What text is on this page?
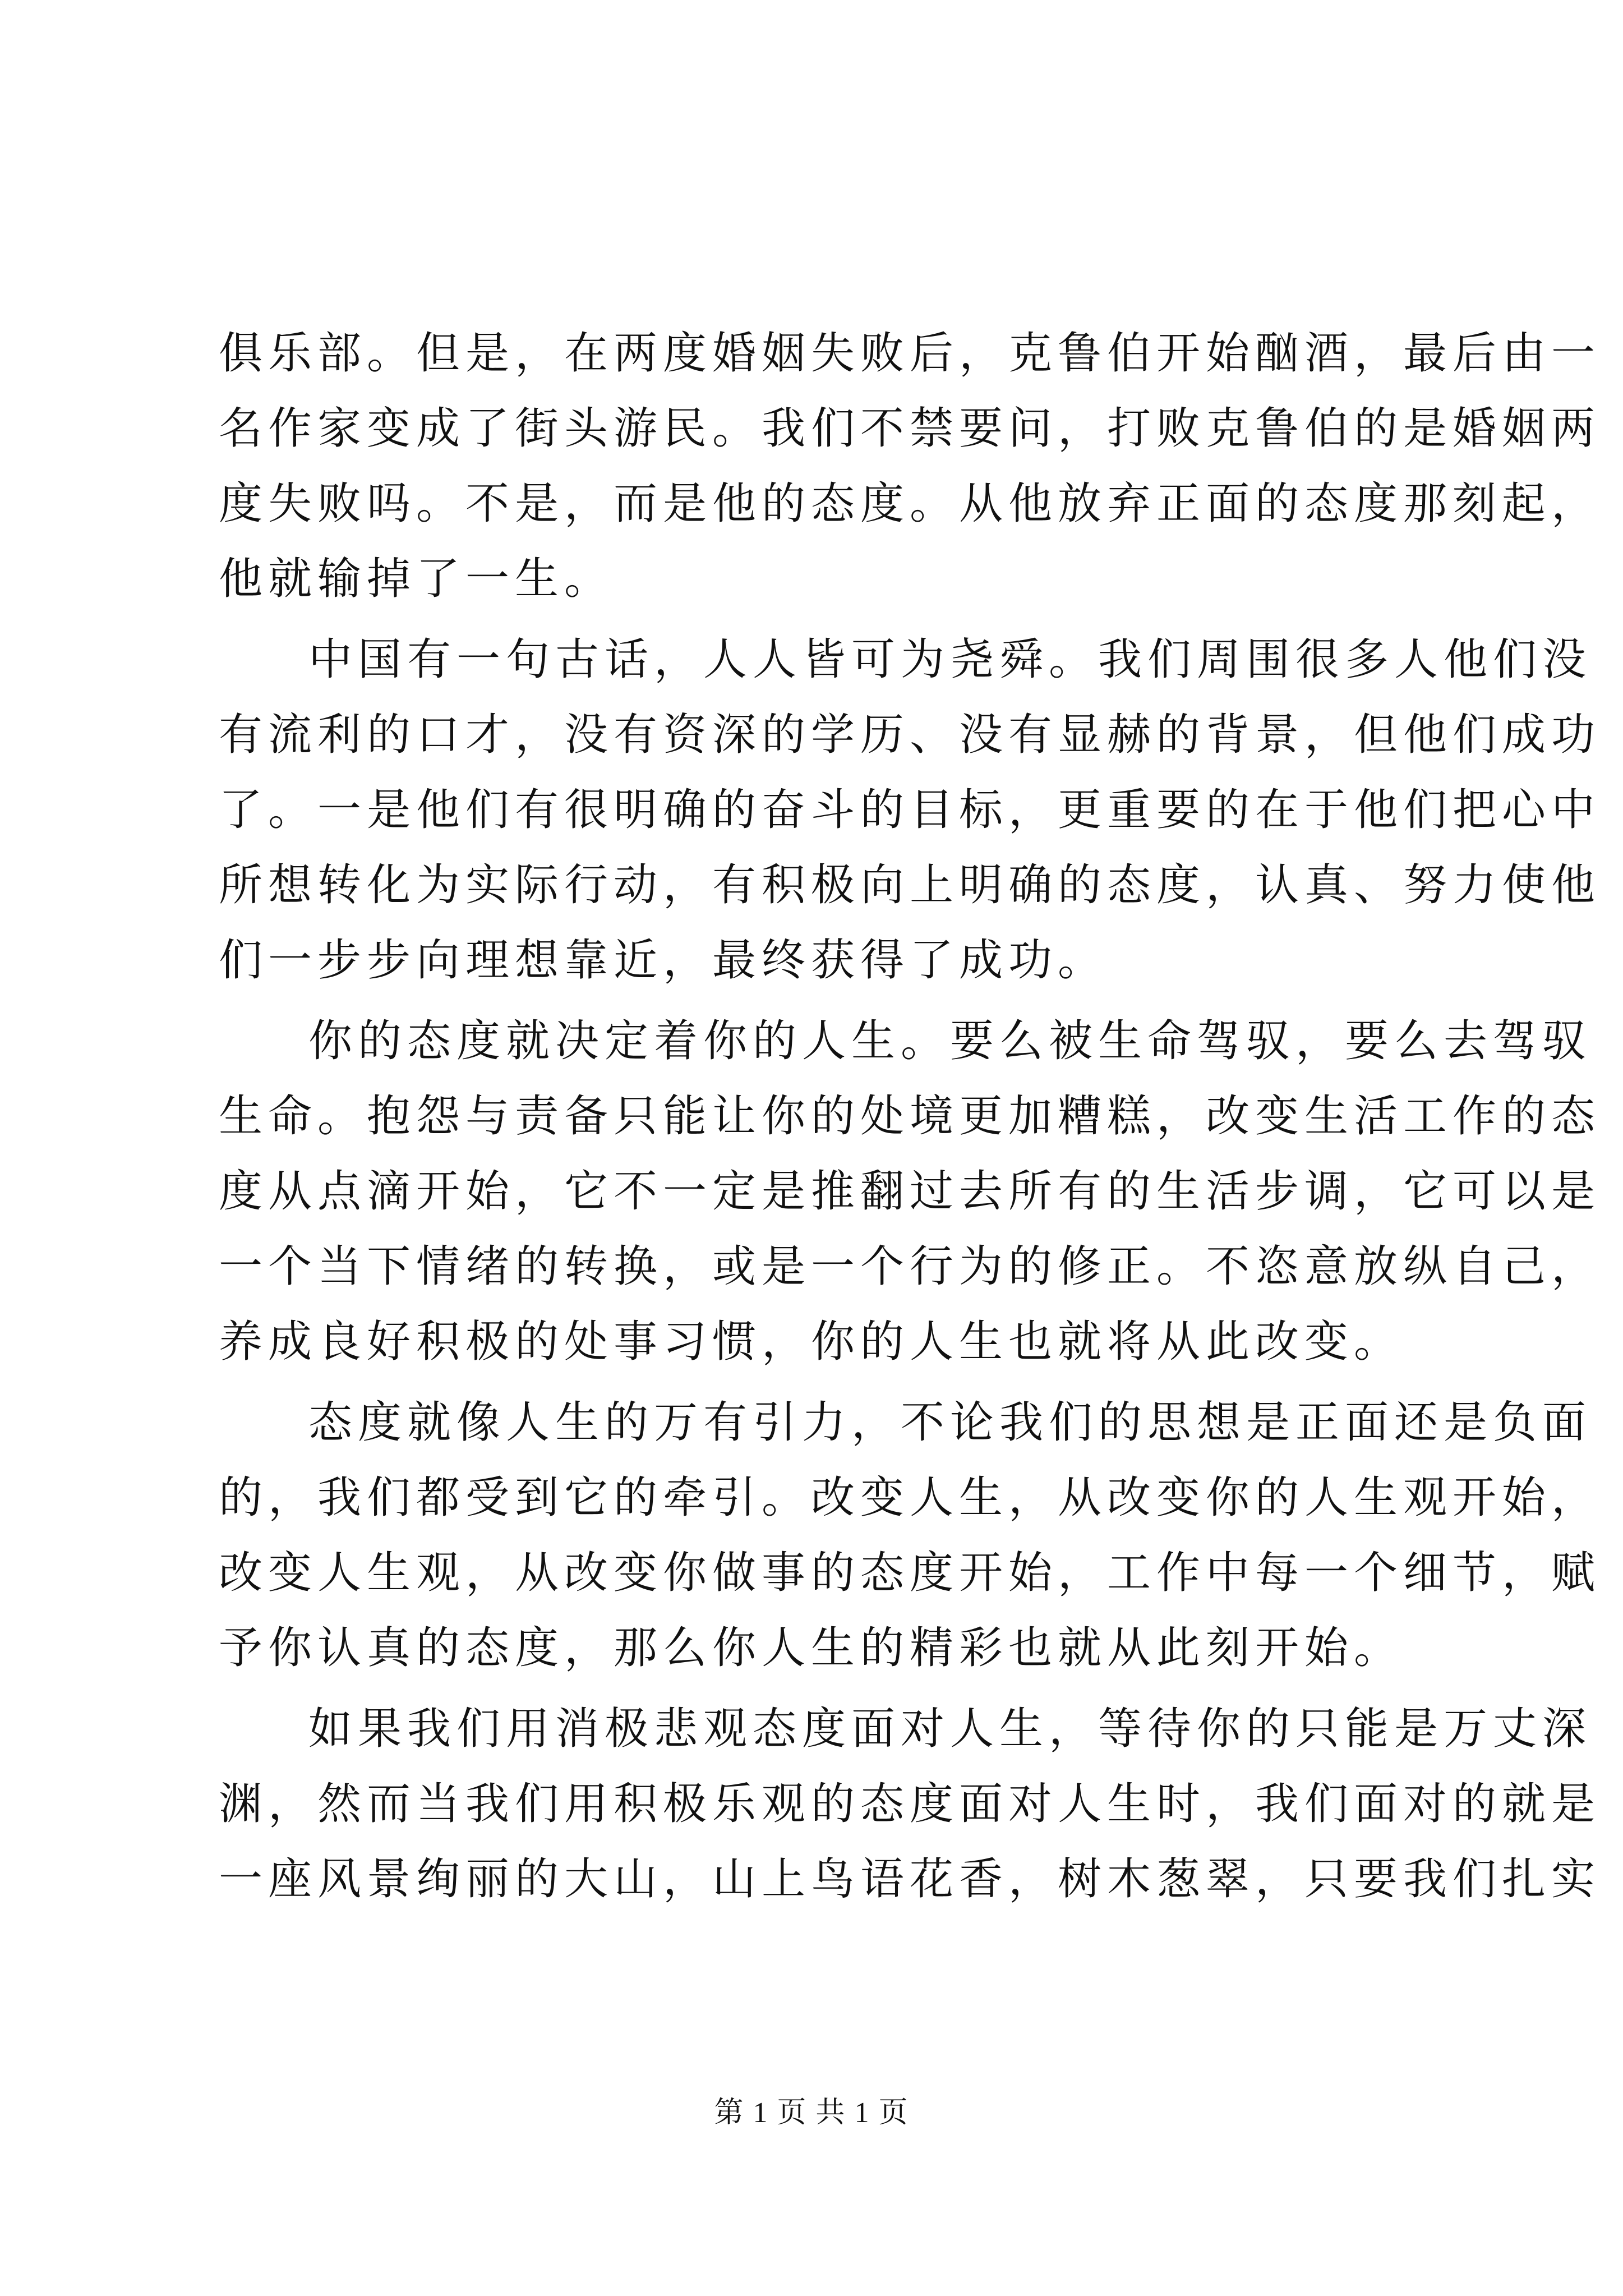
俱乐部。但是，在两度婚姻失败后，克鲁伯开始酗酒，最后由一
名作家变成了街头游民。我们不禁要问，打败克鲁伯的是婚姻两
度失败吗。不是，而是他的态度。从他放弃正面的态度那刻起，
他就输掉了一生。
中国有一句古话，人人皆可为尧舜。我们周围很多人他们没
有流利的口才，没有资深的学历、没有显赫的背景，但他们成功
了。一是他们有很明确的奋斗的目标，更重要的在于他们把心中
所想转化为实际行动，有积极向上明确的态度，认真、努力使他
们一步步向理想靠近，最终获得了成功。
你的态度就决定着你的人生。要么被生命驾驭，要么去驾驭
生命。抱怨与责备只能让你的处境更加糟糕，改变生活工作的态
度从点滴开始，它不一定是推翻过去所有的生活步调，它可以是
一个当下情绪的转换，或是一个行为的修正。不恣意放纵自己，
养成良好积极的处事习惯，你的人生也就将从此改变。
态度就像人生的万有引力，不论我们的思想是正面还是负面
的，我们都受到它的牵引。改变人生，从改变你的人生观开始，
改变人生观，从改变你做事的态度开始，工作中每一个细节，赋
予你认真的态度，那么你人生的精彩也就从此刻开始。
如果我们用消极悲观态度面对人生，等待你的只能是万丈深
渊，然而当我们用积极乐观的态度面对人生时，我们面对的就是
一座风景绚丽的大山，山上鸟语花香，树木葱翠，只要我们扎实
第 1 页 共 1 页
